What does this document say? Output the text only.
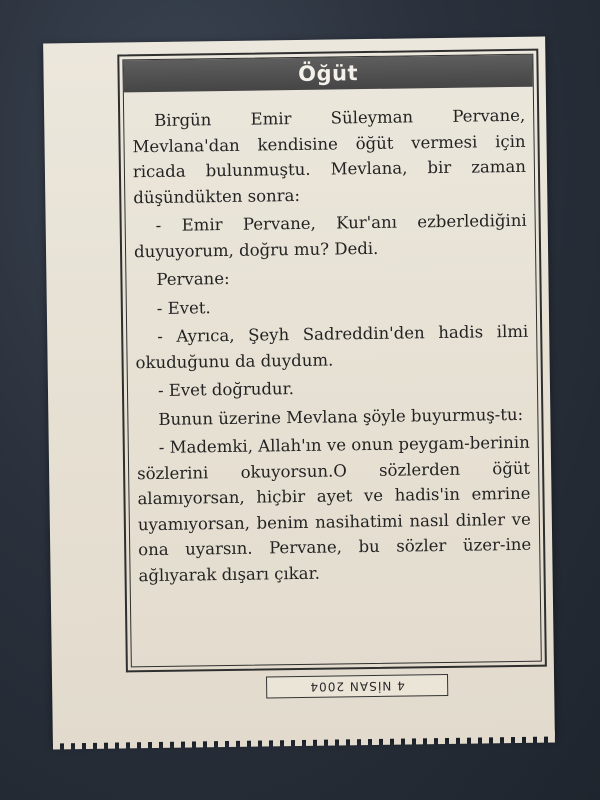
Öğüt

Birgün Emir Süleyman Pervane, Mevlana'dan kendisine öğüt vermesi için ricada bulunmuştu. Mevlana, bir zaman düşündükten sonra:

- Emir Pervane, Kur'anı ezberlediğini duyuyorum, doğru mu? Dedi.

Pervane:

- Evet.

- Ayrıca, Şeyh Sadreddin'den hadis ilmi okuduğunu da duydum.

- Evet doğrudur.

Bunun üzerine Mevlana şöyle buyurmuş-tu:

- Mademki, Allah'ın ve onun peygam-berinin sözlerini okuyorsun.O sözlerden öğüt alamıyorsan, hiçbir ayet ve hadis'in emrine uyamıyorsan, benim nasihatimi nasıl dinler ve ona uyarsın. Pervane, bu sözler üzer-ine ağlıyarak dışarı çıkar.

4 NİSAN 2004
